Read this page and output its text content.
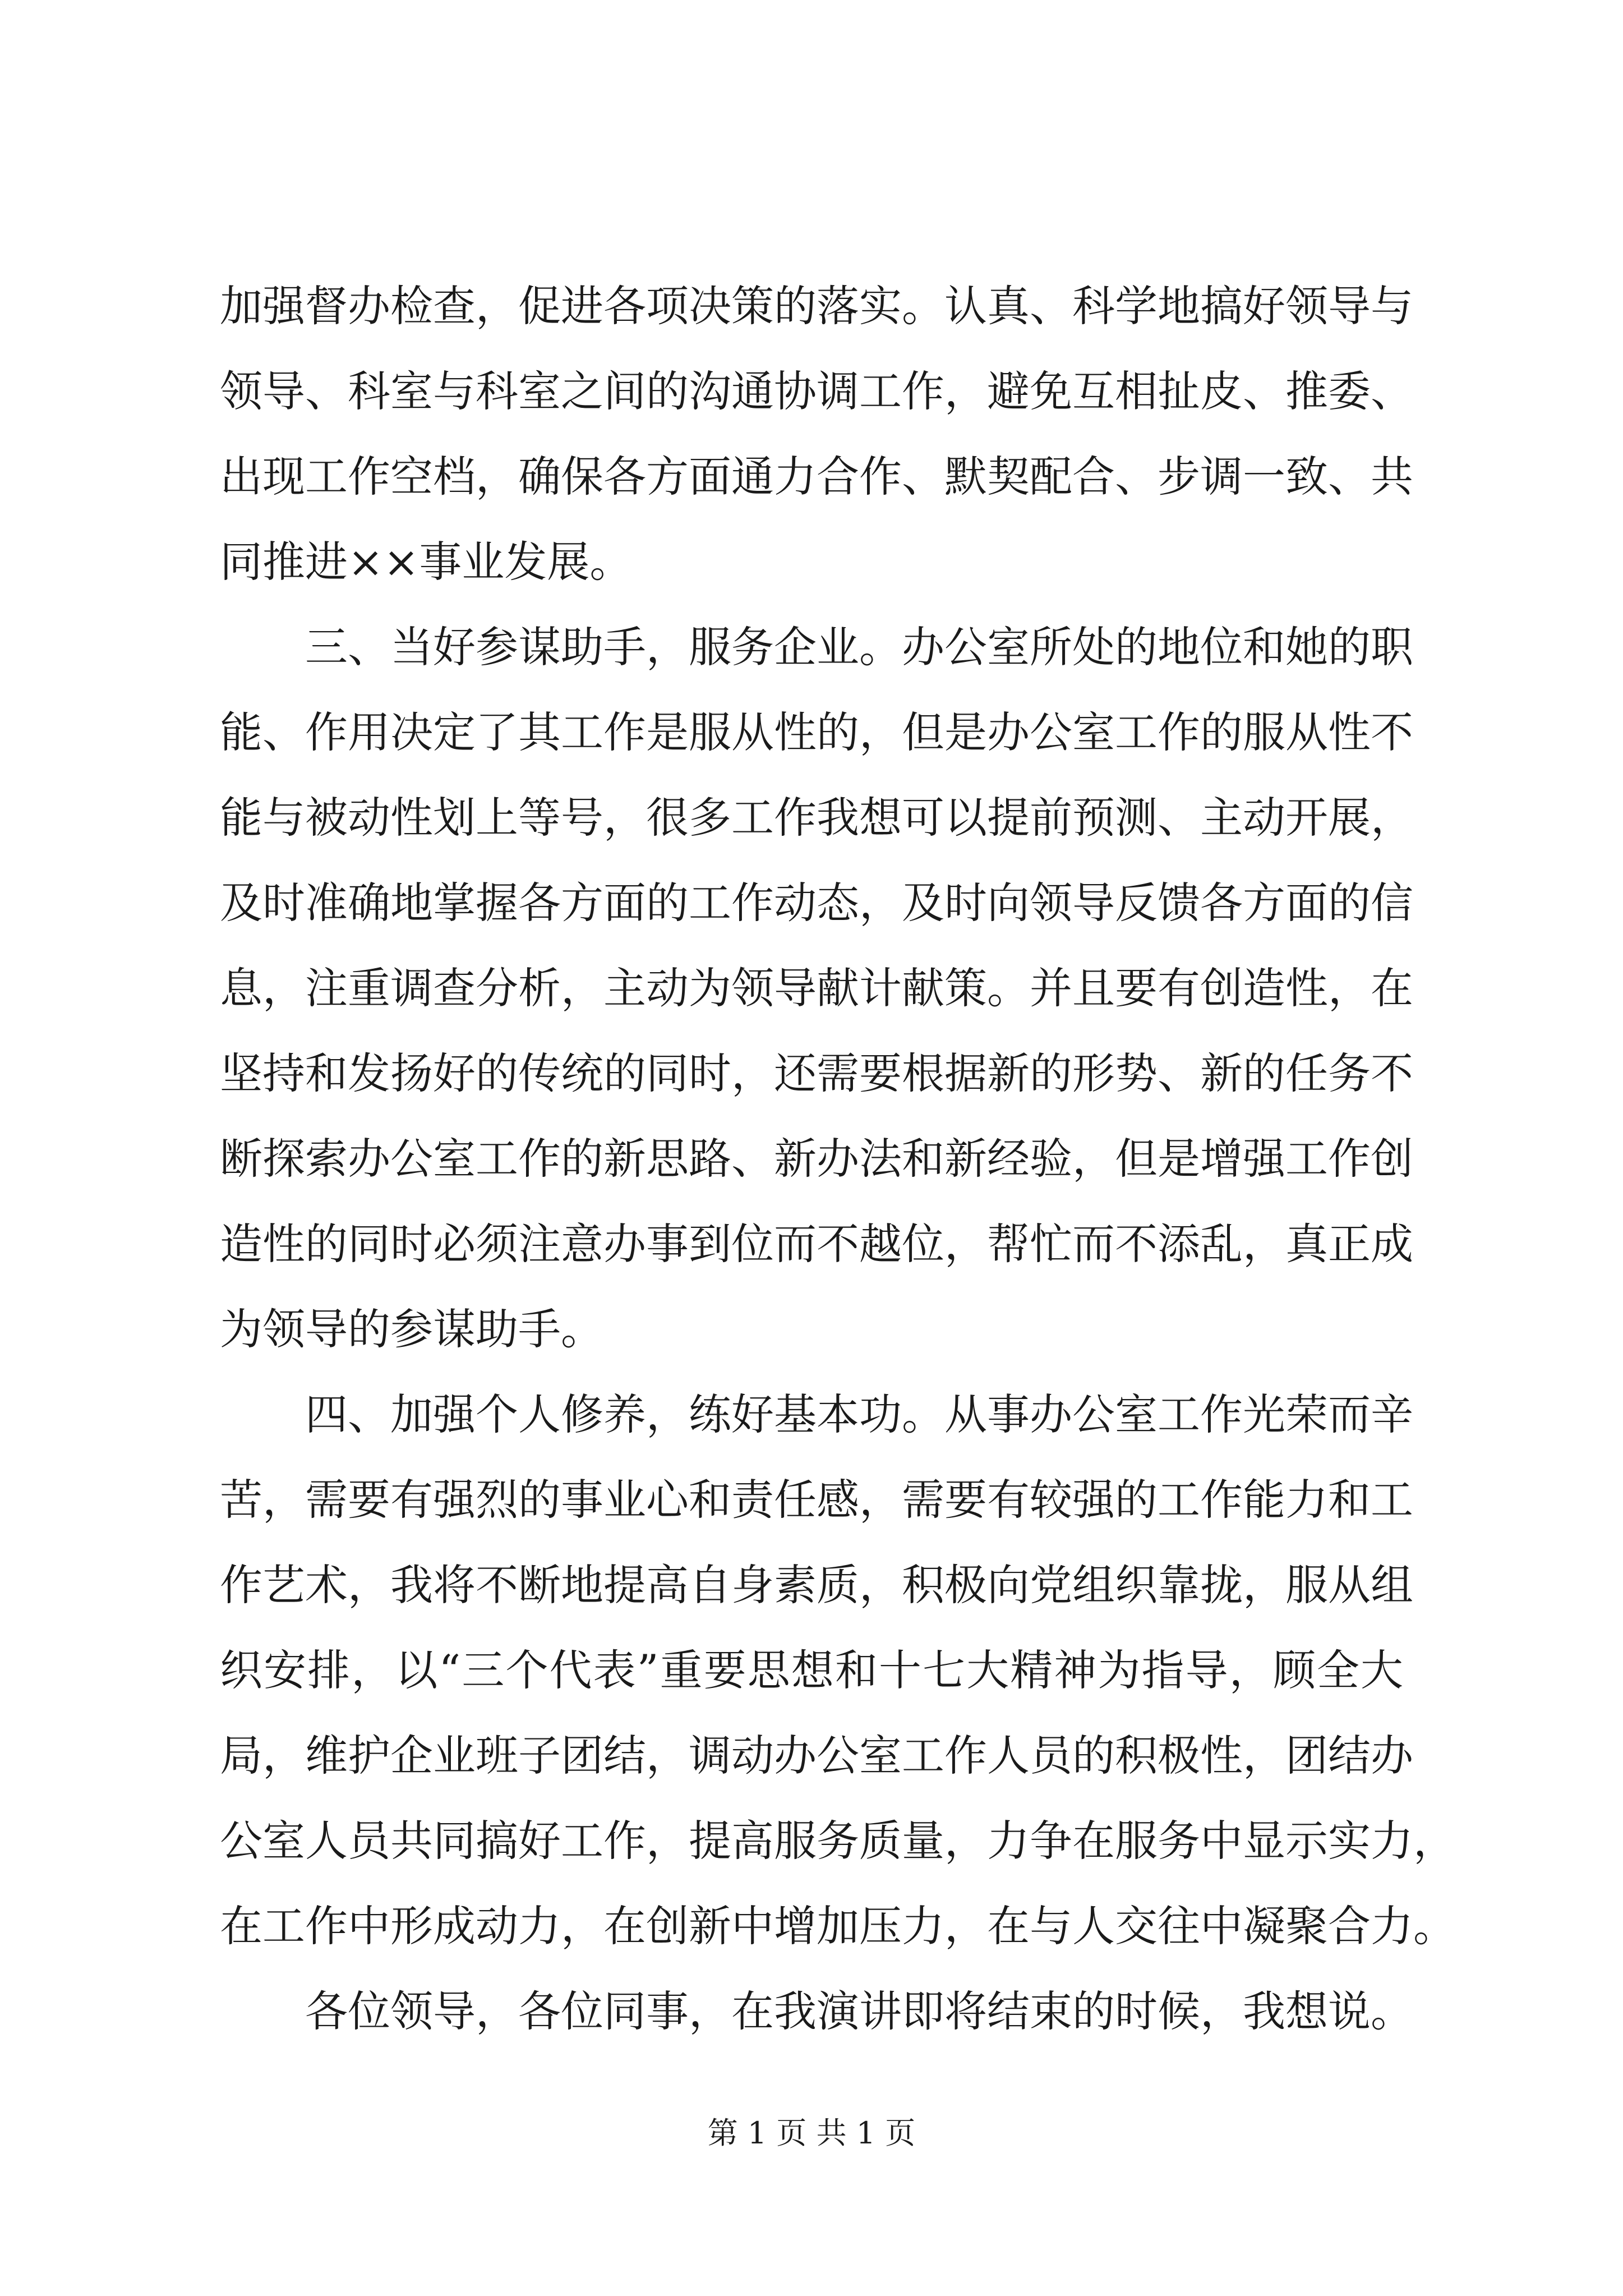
加强督办检查，促进各项决策的落实。认真、科学地搞好领导与
领导、科室与科室之间的沟通协调工作，避免互相扯皮、推委、
出现工作空档，确保各方面通力合作、默契配合、步调一致、共
同推进××事业发展。
三、当好参谋助手，服务企业。办公室所处的地位和她的职
能、作用决定了其工作是服从性的，但是办公室工作的服从性不
能与被动性划上等号，很多工作我想可以提前预测、主动开展，
及时准确地掌握各方面的工作动态，及时向领导反馈各方面的信
息，注重调查分析，主动为领导献计献策。并且要有创造性，在
坚持和发扬好的传统的同时，还需要根据新的形势、新的任务不
断探索办公室工作的新思路、新办法和新经验，但是增强工作创
造性的同时必须注意办事到位而不越位，帮忙而不添乱，真正成
为领导的参谋助手。
四、加强个人修养，练好基本功。从事办公室工作光荣而辛
苦，需要有强烈的事业心和责任感，需要有较强的工作能力和工
作艺术，我将不断地提高自身素质，积极向党组织靠拢，服从组
织安排，以“三个代表”重要思想和十七大精神为指导，顾全大
局，维护企业班子团结，调动办公室工作人员的积极性，团结办
公室人员共同搞好工作，提高服务质量，力争在服务中显示实力，
在工作中形成动力，在创新中增加压力，在与人交往中凝聚合力。
各位领导，各位同事，在我演讲即将结束的时候，我想说。
第 1 页 共 1 页
